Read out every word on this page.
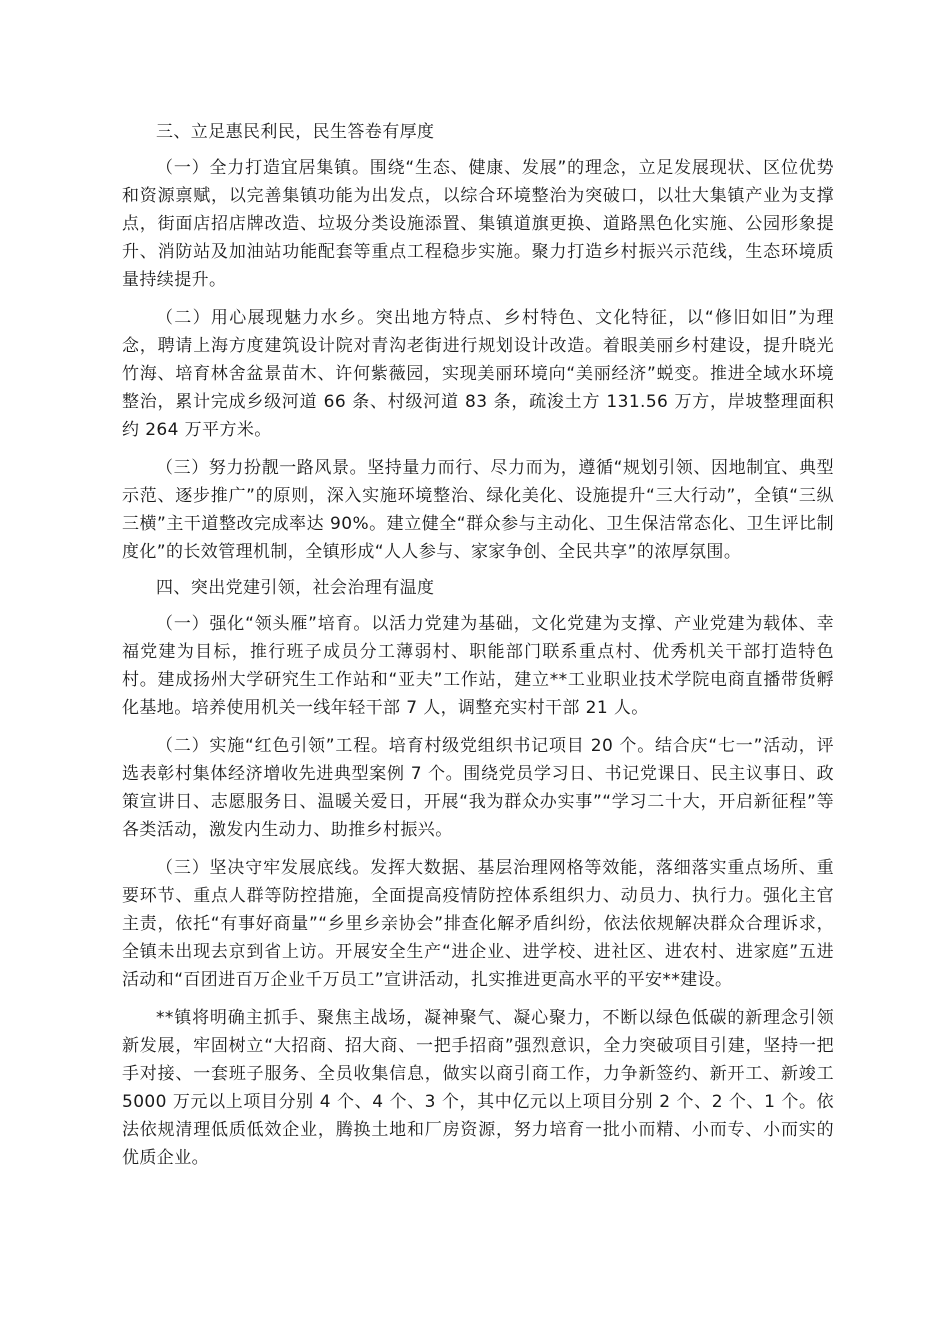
三、立足惠民利民，民生答卷有厚度

（一）全力打造宜居集镇。围绕“生态、健康、发展”的理念，立足发展现状、区位优势和资源禀赋，以完善集镇功能为出发点，以综合环境整治为突破口，以壮大集镇产业为支撑点，街面店招店牌改造、垃圾分类设施添置、集镇道旗更换、道路黑色化实施、公园形象提升、消防站及加油站功能配套等重点工程稳步实施。聚力打造乡村振兴示范线，生态环境质量持续提升。

（二）用心展现魅力水乡。突出地方特点、乡村特色、文化特征，以“修旧如旧”为理念，聘请上海方度建筑设计院对青沟老街进行规划设计改造。着眼美丽乡村建设，提升晓光竹海、培育林舍盆景苗木、许何紫薇园，实现美丽环境向“美丽经济”蜕变。推进全域水环境整治，累计完成乡级河道 66 条、村级河道 83 条，疏浚土方 131.56 万方，岸坡整理面积约 264 万平方米。

（三）努力扮靓一路风景。坚持量力而行、尽力而为，遵循“规划引领、因地制宜、典型示范、逐步推广”的原则，深入实施环境整治、绿化美化、设施提升“三大行动”，全镇“三纵三横”主干道整改完成率达 90%。建立健全“群众参与主动化、卫生保洁常态化、卫生评比制度化”的长效管理机制，全镇形成“人人参与、家家争创、全民共享”的浓厚氛围。

四、突出党建引领，社会治理有温度

（一）强化“领头雁”培育。以活力党建为基础，文化党建为支撑、产业党建为载体、幸福党建为目标，推行班子成员分工薄弱村、职能部门联系重点村、优秀机关干部打造特色村。建成扬州大学研究生工作站和“亚夫”工作站，建立**工业职业技术学院电商直播带货孵化基地。培养使用机关一线年轻干部 7 人，调整充实村干部 21 人。

（二）实施“红色引领”工程。培育村级党组织书记项目 20 个。结合庆“七一”活动，评选表彰村集体经济增收先进典型案例 7 个。围绕党员学习日、书记党课日、民主议事日、政策宣讲日、志愿服务日、温暖关爱日，开展“我为群众办实事”“学习二十大，开启新征程”等各类活动，激发内生动力、助推乡村振兴。

（三）坚决守牢发展底线。发挥大数据、基层治理网格等效能，落细落实重点场所、重要环节、重点人群等防控措施，全面提高疫情防控体系组织力、动员力、执行力。强化主官主责，依托“有事好商量”“乡里乡亲协会”排查化解矛盾纠纷，依法依规解决群众合理诉求，全镇未出现去京到省上访。开展安全生产“进企业、进学校、进社区、进农村、进家庭”五进活动和“百团进百万企业千万员工”宣讲活动，扎实推进更高水平的平安**建设。

**镇将明确主抓手、聚焦主战场，凝神聚气、凝心聚力，不断以绿色低碳的新理念引领新发展，牢固树立“大招商、招大商、一把手招商”强烈意识，全力突破项目引建，坚持一把手对接、一套班子服务、全员收集信息，做实以商引商工作，力争新签约、新开工、新竣工 5000 万元以上项目分别 4 个、4 个、3 个，其中亿元以上项目分别 2 个、2 个、1 个。依法依规清理低质低效企业，腾换土地和厂房资源，努力培育一批小而精、小而专、小而实的优质企业。
